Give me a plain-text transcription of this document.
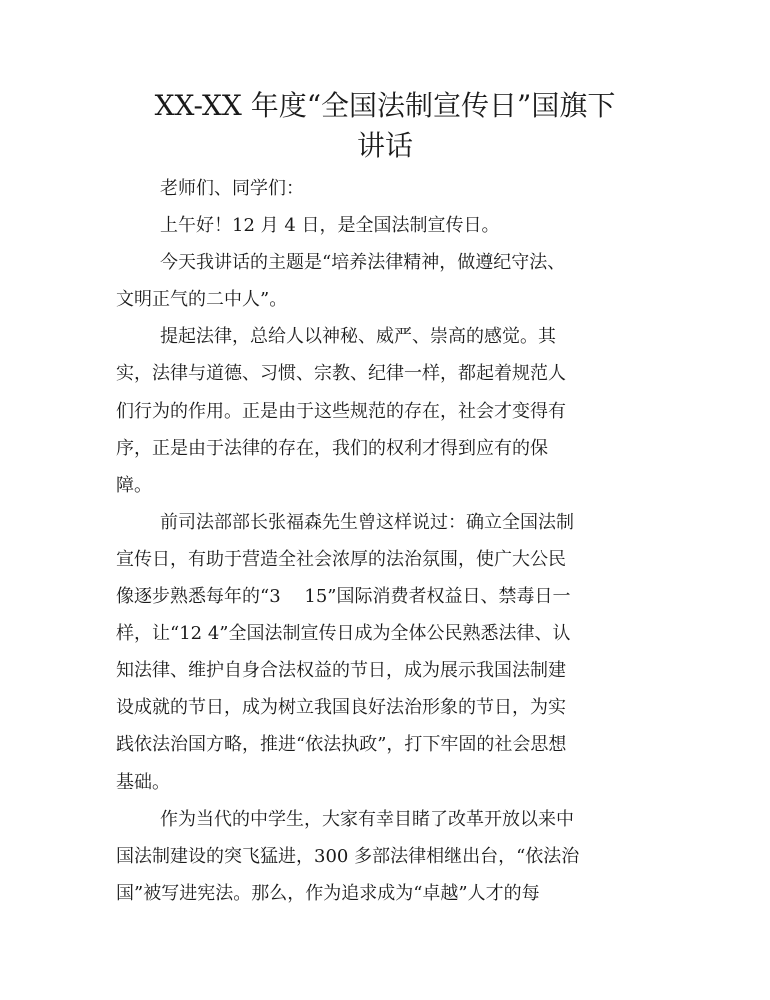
XX-XX 年度“全国法制宣传日”国旗下
讲话
老师们、同学们：
上午好！12 月 4 日，是全国法制宣传日。
今天我讲话的主题是“培养法律精神，做遵纪守法、
文明正气的二中人”。
提起法律，总给人以神秘、威严、崇高的感觉。其
实，法律与道德、习惯、宗教、纪律一样，都起着规范人
们行为的作用。正是由于这些规范的存在，社会才变得有
序，正是由于法律的存在，我们的权利才得到应有的保
障。
前司法部部长张福森先生曾这样说过：确立全国法制
宣传日，有助于营造全社会浓厚的法治氛围，使广大公民
像逐步熟悉每年的“3　 15”国际消费者权益日、禁毒日一
样，让“12 4”全国法制宣传日成为全体公民熟悉法律、认
知法律、维护自身合法权益的节日，成为展示我国法制建
设成就的节日，成为树立我国良好法治形象的节日，为实
践依法治国方略，推进“依法执政”，打下牢固的社会思想
基础。
作为当代的中学生，大家有幸目睹了改革开放以来中
国法制建设的突飞猛进，300 多部法律相继出台，“依法治
国”被写进宪法。那么，作为追求成为“卓越”人才的每
